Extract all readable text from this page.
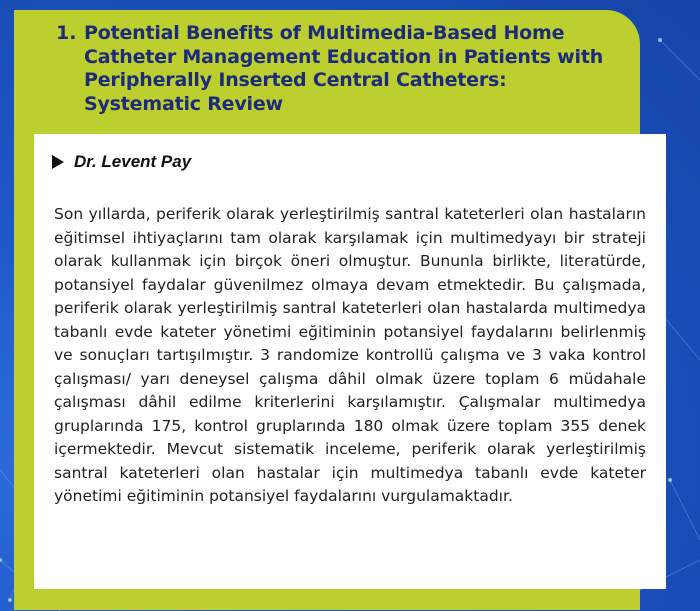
1. Potential Benefits of Multimedia-Based Home Catheter Management Education in Patients with Peripherally Inserted Central Catheters: Systematic Review
Dr. Levent Pay

Son yıllarda, periferik olarak yerleştirilmiş santral kateterleri olan hastaların eğitimsel ihtiyaçlarını tam olarak karşılamak için multimedyayı bir strateji olarak kullanmak için birçok öneri olmuştur. Bununla birlikte, literatürde, potansiyel faydalar güvenilmez olmaya devam etmektedir. Bu çalışmada, periferik olarak yerleştirilmiş santral kateterleri olan hastalarda multimedya tabanlı evde kateter yönetimi eğitiminin potansiyel faydalarını belirlenmiş ve sonuçları tartışılmıştır. 3 randomize kontrollü çalışma ve 3 vaka kontrol çalışması/ yarı deneysel çalışma dâhil olmak üzere toplam 6 müdahale çalışması dâhil edilme kriterlerini karşılamıştır. Çalışmalar multimedya gruplarında 175, kontrol gruplarında 180 olmak üzere toplam 355 denek içermektedir. Mevcut sistematik inceleme, periferik olarak yerleştirilmiş santral kateterleri olan hastalar için multimedya tabanlı evde kateter yönetimi eğitiminin potansiyel faydalarını vurgulamaktadır.
